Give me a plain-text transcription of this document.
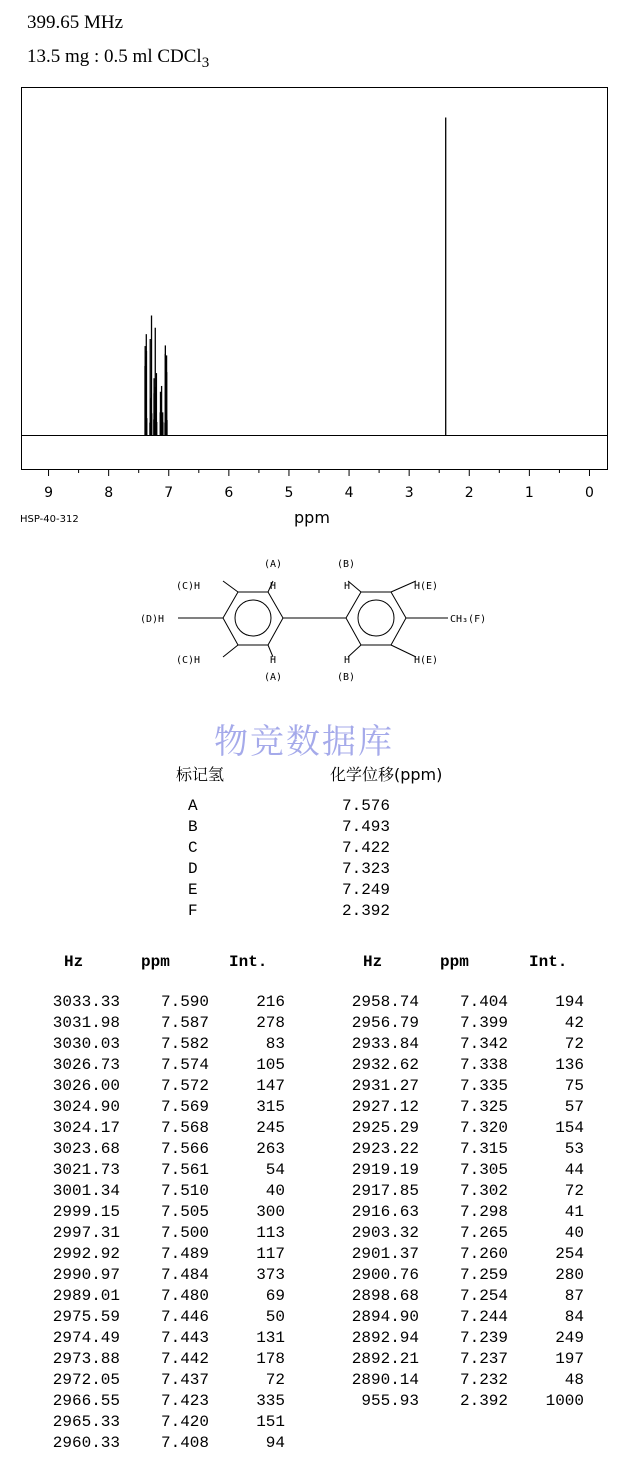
399.65 MHz
13.5 mg : 0.5 ml CDCl$_3$
9	8	7	6	5	4	3	2	1	0
ppm
HSP-40-312
(A)	(B)
H	H
(C)H
(D)H
(C)H	H	H
H(E)
H(E)
CH₃(F)
(A)	(B)
物竞数据库
标记氢	化学位移(ppm)
A	7.576
B	7.493
C	7.422
D	7.323
E	7.249
F	2.392
Hz	ppm	Int.	Hz	ppm	Int.
3033.33	7.590	216
3031.98	7.587	278
3030.03	7.582	83
3026.73	7.574	105
3026.00	7.572	147
3024.90	7.569	315
3024.17	7.568	245
3023.68	7.566	263
3021.73	7.561	54
3001.34	7.510	40
2999.15	7.505	300
2997.31	7.500	113
2992.92	7.489	117
2990.97	7.484	373
2989.01	7.480	69
2975.59	7.446	50
2974.49	7.443	131
2973.88	7.442	178
2972.05	7.437	72
2966.55	7.423	335
2965.33	7.420	151
2960.33	7.408	94
2958.74	7.404	194
2956.79	7.399	42
2933.84	7.342	72
2932.62	7.338	136
2931.27	7.335	75
2927.12	7.325	57
2925.29	7.320	154
2923.22	7.315	53
2919.19	7.305	44
2917.85	7.302	72
2916.63	7.298	41
2903.32	7.265	40
2901.37	7.260	254
2900.76	7.259	280
2898.68	7.254	87
2894.90	7.244	84
2892.94	7.239	249
2892.21	7.237	197
2890.14	7.232	48
955.93	2.392	1000
